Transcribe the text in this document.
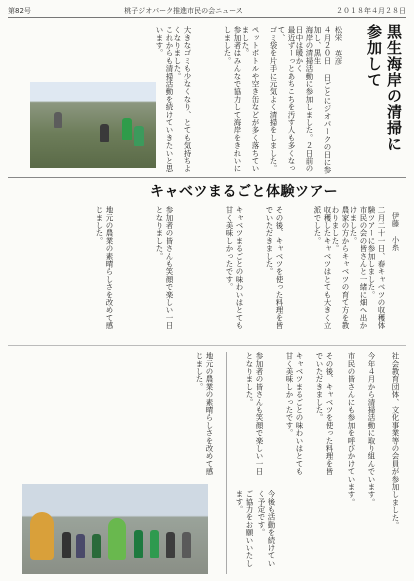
第82号	桃子ジオパーク推進市民の会ニュース	２０１８年４月２８日
黒生海岸の清掃に参加して
松栄 英彦
４月２０日 日ごとにジオパークの日に参加し、黒生
海岸の清掃活動に参加しました。２日前の日中は暖かく
最近ずーっとあちこちを汚す人も多くなって、
ゴミ袋を片手に元気よく清掃をしました。
ペットボトルや空き缶などが多く落ちていました。
参加者はみんなで協力して海岸をきれいにしました。
大きなゴミも少なくなり、とても気持ちよくなりました。
これからも清掃活動を続けていきたいと思います。
キャベツまるごと体験ツアー
伊藤 小糸
二月二十一日、春キャベツの収穫体験ツアーに参加しました。
市民の会の皆さんと一緒に畑へ出かけました。
農家の方からキャベツの育て方を教わりました。
収穫したキャベツはとても大きく立派でした。
その後、キャベツを使った料理を皆でいただきました。
キャベツまるごとの味わいはとても甘く美味しかったです。
参加者の皆さんも笑顔で楽しい一日となりました。
地元の農業の素晴らしさを改めて感じました。
その後、キャベツを使った料理を皆でいただきました。
キャベツまるごとの味わいはとても甘く美味しかったです。
参加者の皆さんも笑顔で楽しい一日となりました。
地元の農業の素晴らしさを改めて感じました。	社会教育団体、文化事業等の会員が参加しました。
今年４月から清掃活動に取り組んでいます。
市民の皆さんにも参加を呼びかけています。
今後も活動を続けていく予定です。
ご協力をお願いいたします。
